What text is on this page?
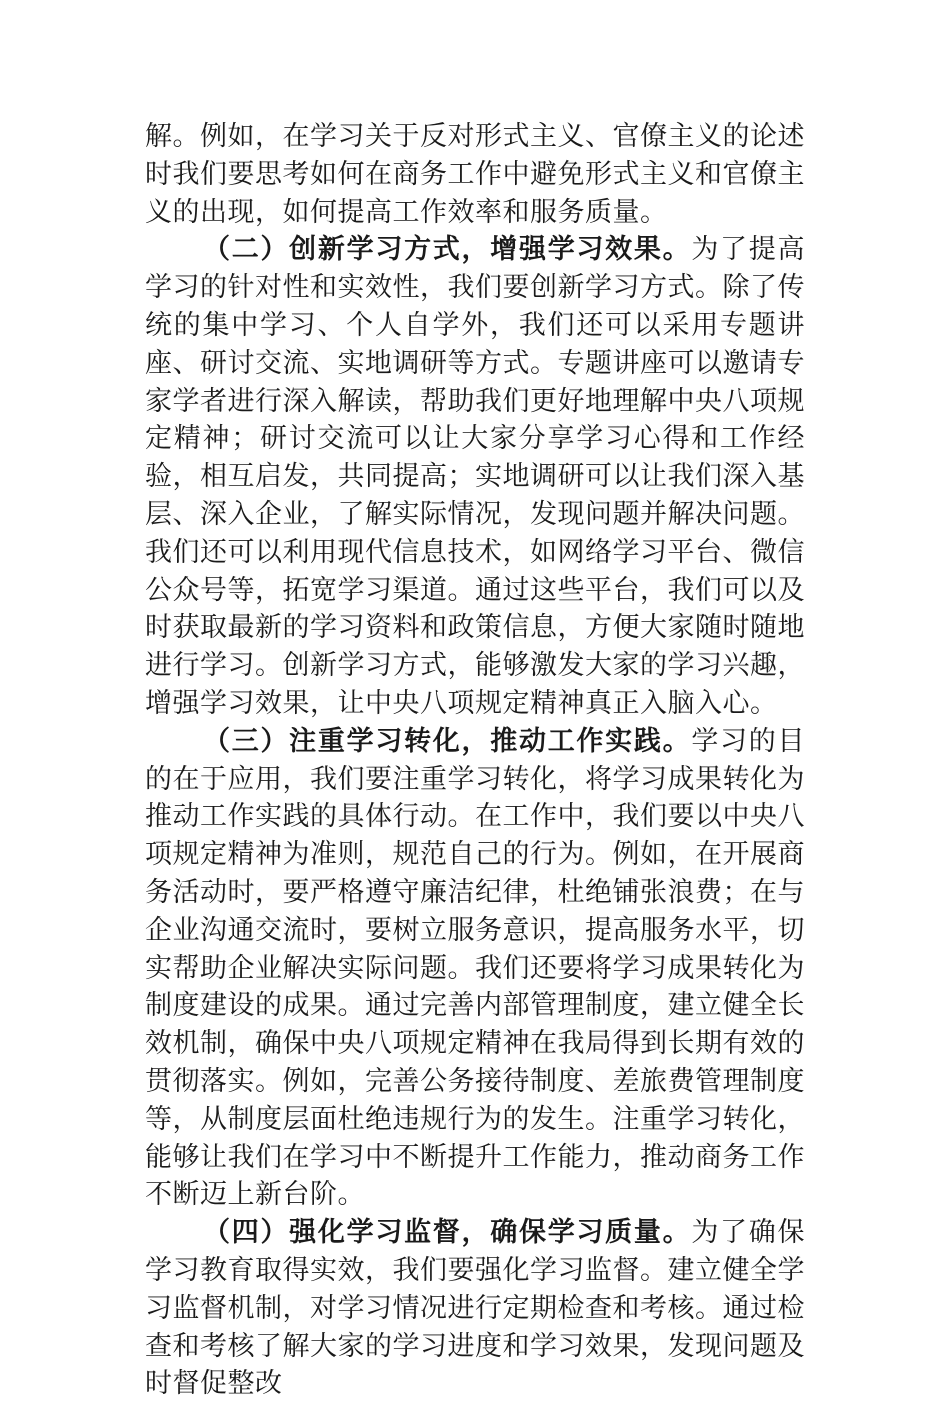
解。例如，在学习关于反对形式主义、官僚主义的论述时我们要思考如何在商务工作中避免形式主义和官僚主义的出现，如何提高工作效率和服务质量。

（二）创新学习方式，增强学习效果。为了提高学习的针对性和实效性，我们要创新学习方式。除了传统的集中学习、个人自学外，我们还可以采用专题讲座、研讨交流、实地调研等方式。专题讲座可以邀请专家学者进行深入解读，帮助我们更好地理解中央八项规定精神；研讨交流可以让大家分享学习心得和工作经验，相互启发，共同提高；实地调研可以让我们深入基层、深入企业，了解实际情况，发现问题并解决问题。我们还可以利用现代信息技术，如网络学习平台、微信公众号等，拓宽学习渠道。通过这些平台，我们可以及时获取最新的学习资料和政策信息，方便大家随时随地进行学习。创新学习方式，能够激发大家的学习兴趣，增强学习效果，让中央八项规定精神真正入脑入心。

（三）注重学习转化，推动工作实践。学习的目的在于应用，我们要注重学习转化，将学习成果转化为推动工作实践的具体行动。在工作中，我们要以中央八项规定精神为准则，规范自己的行为。例如，在开展商务活动时，要严格遵守廉洁纪律，杜绝铺张浪费；在与企业沟通交流时，要树立服务意识，提高服务水平，切实帮助企业解决实际问题。我们还要将学习成果转化为制度建设的成果。通过完善内部管理制度，建立健全长效机制，确保中央八项规定精神在我局得到长期有效的贯彻落实。例如，完善公务接待制度、差旅费管理制度等，从制度层面杜绝违规行为的发生。注重学习转化，能够让我们在学习中不断提升工作能力，推动商务工作不断迈上新台阶。

（四）强化学习监督，确保学习质量。为了确保学习教育取得实效，我们要强化学习监督。建立健全学习监督机制，对学习情况进行定期检查和考核。通过检查和考核了解大家的学习进度和学习效果，发现问题及时督促整改
